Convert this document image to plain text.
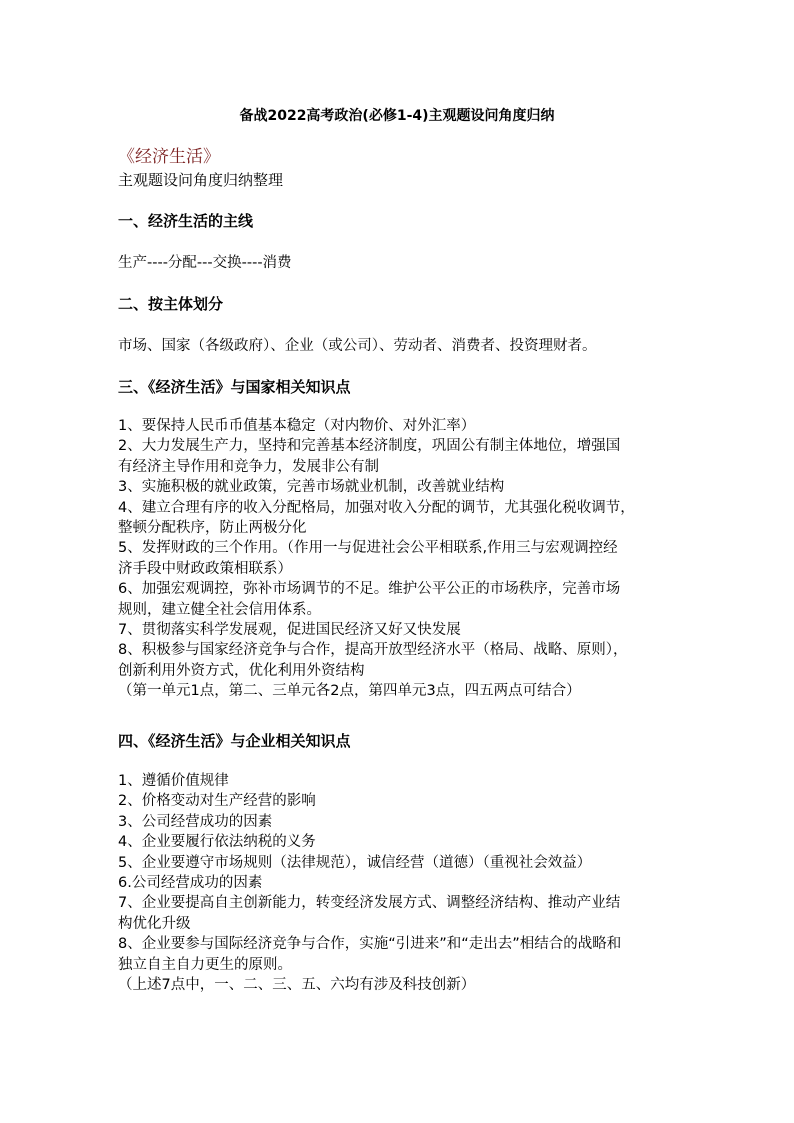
备战2022高考政治(必修1-4)主观题设问角度归纳
《经济生活》
主观题设问角度归纳整理
一、经济生活的主线
生产----分配---交换----消费
二、按主体划分
市场、国家（各级政府）、企业（或公司）、劳动者、消费者、投资理财者。
三、《经济生活》与国家相关知识点
1、要保持人民币币值基本稳定（对内物价、对外汇率）
2、大力发展生产力，坚持和完善基本经济制度，巩固公有制主体地位，增强国
有经济主导作用和竞争力，发展非公有制
3、实施积极的就业政策，完善市场就业机制，改善就业结构
4、建立合理有序的收入分配格局，加强对收入分配的调节，尤其强化税收调节，
整顿分配秩序，防止两极分化
5、发挥财政的三个作用。（作用一与促进社会公平相联系,作用三与宏观调控经
济手段中财政政策相联系）
6、加强宏观调控，弥补市场调节的不足。维护公平公正的市场秩序，完善市场
规则，建立健全社会信用体系。
7、贯彻落实科学发展观，促进国民经济又好又快发展
8、积极参与国家经济竞争与合作，提高开放型经济水平（格局、战略、原则），
创新利用外资方式，优化利用外资结构
（第一单元1点，第二、三单元各2点，第四单元3点，四五两点可结合）
四、《经济生活》与企业相关知识点
1、遵循价值规律
2、价格变动对生产经营的影响
3、公司经营成功的因素
4、企业要履行依法纳税的义务
5、企业要遵守市场规则（法律规范），诚信经营（道德）（重视社会效益）
6.公司经营成功的因素
7、企业要提高自主创新能力，转变经济发展方式、调整经济结构、推动产业结
构优化升级
8、企业要参与国际经济竞争与合作，实施“引进来”和“走出去”相结合的战略和
独立自主自力更生的原则。
（上述7点中，一、二、三、五、六均有涉及科技创新）
